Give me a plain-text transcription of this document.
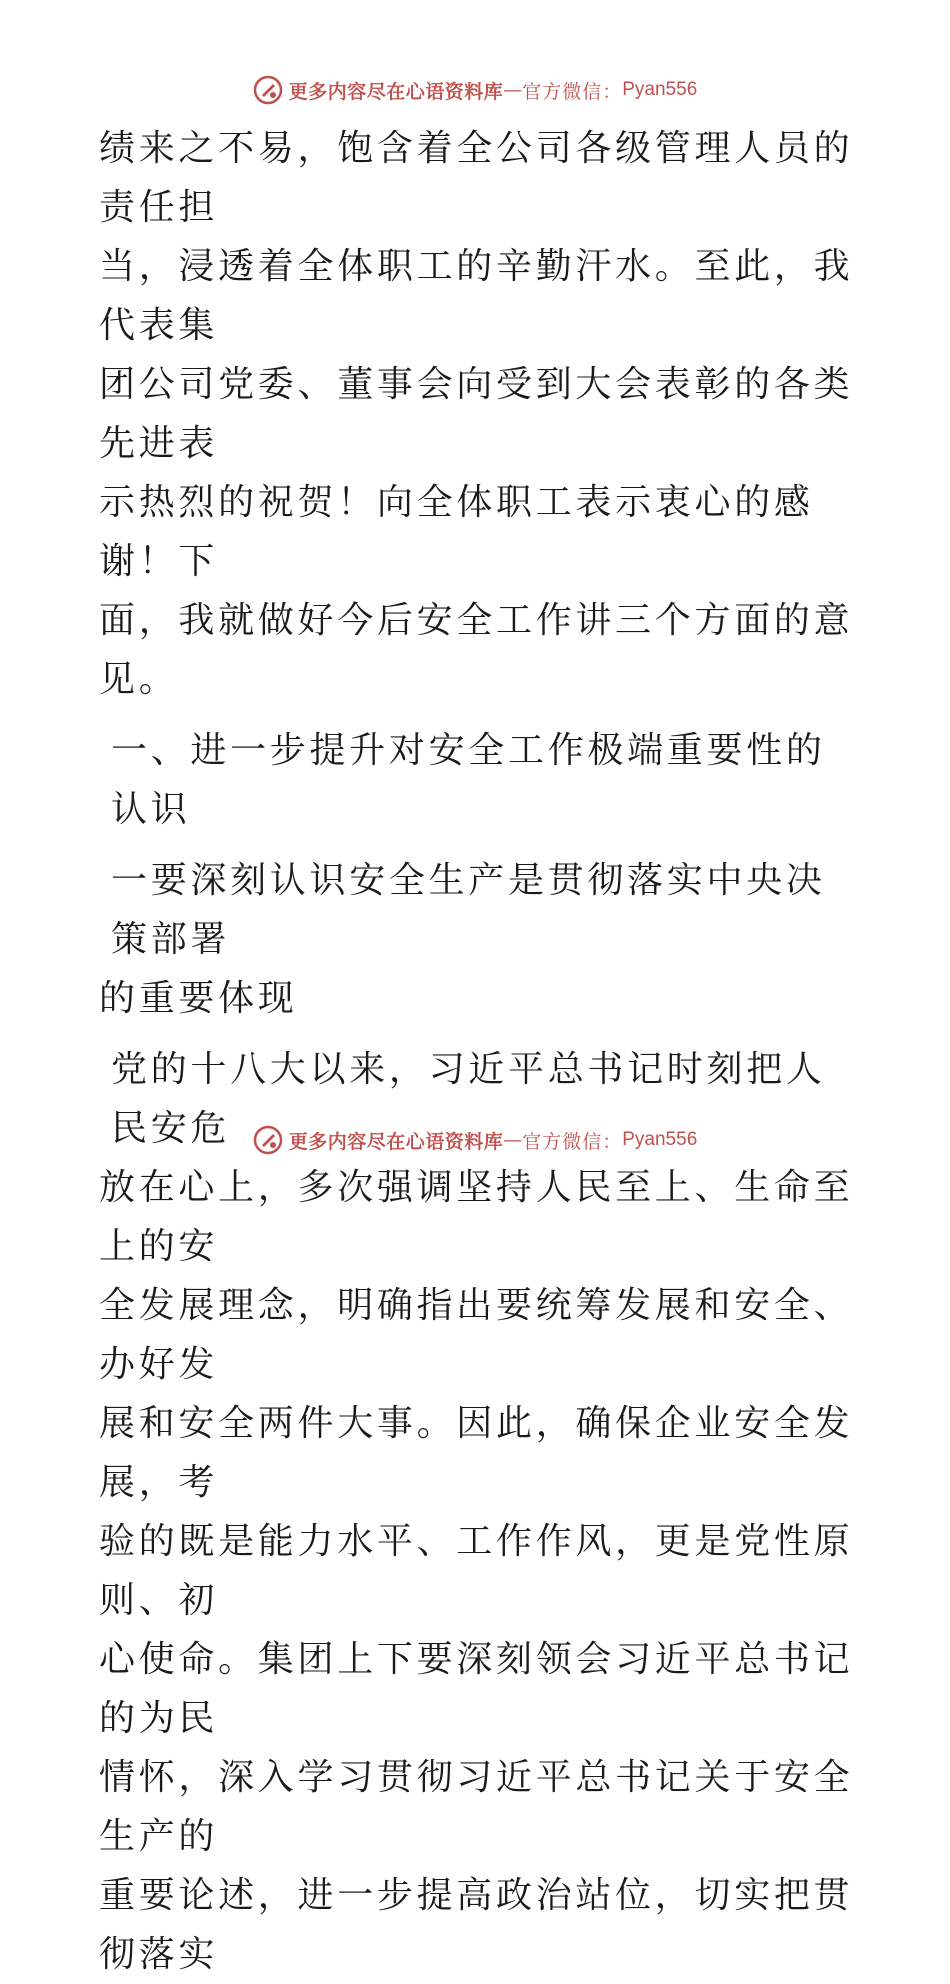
更多内容尽在心语资料库 — 官方微信： Pyan556
绩来之不易，饱含着全公司各级管理人员的责任担
当，浸透着全体职工的辛勤汗水。至此，我代表集
团公司党委、董事会向受到大会表彰的各类先进表
示热烈的祝贺！向全体职工表示衷心的感谢！下
面，我就做好今后安全工作讲三个方面的意见。
一、进一步提升对安全工作极端重要性的认识
一要深刻认识安全生产是贯彻落实中央决策部署
的重要体现
党的十八大以来，习近平总书记时刻把人民安危
放在心上，多次强调坚持人民至上、生命至上的安
全发展理念，明确指出要统筹发展和安全、办好发
展和安全两件大事。因此，确保企业安全发展，考
验的既是能力水平、工作作风，更是党性原则、初
心使命。集团上下要深刻领会习近平总书记的为民
情怀，深入学习贯彻习近平总书记关于安全生产的
重要论述，进一步提高政治站位，切实把贯彻落实
更多内容尽在心语资料库 — 官方微信： Pyan556
